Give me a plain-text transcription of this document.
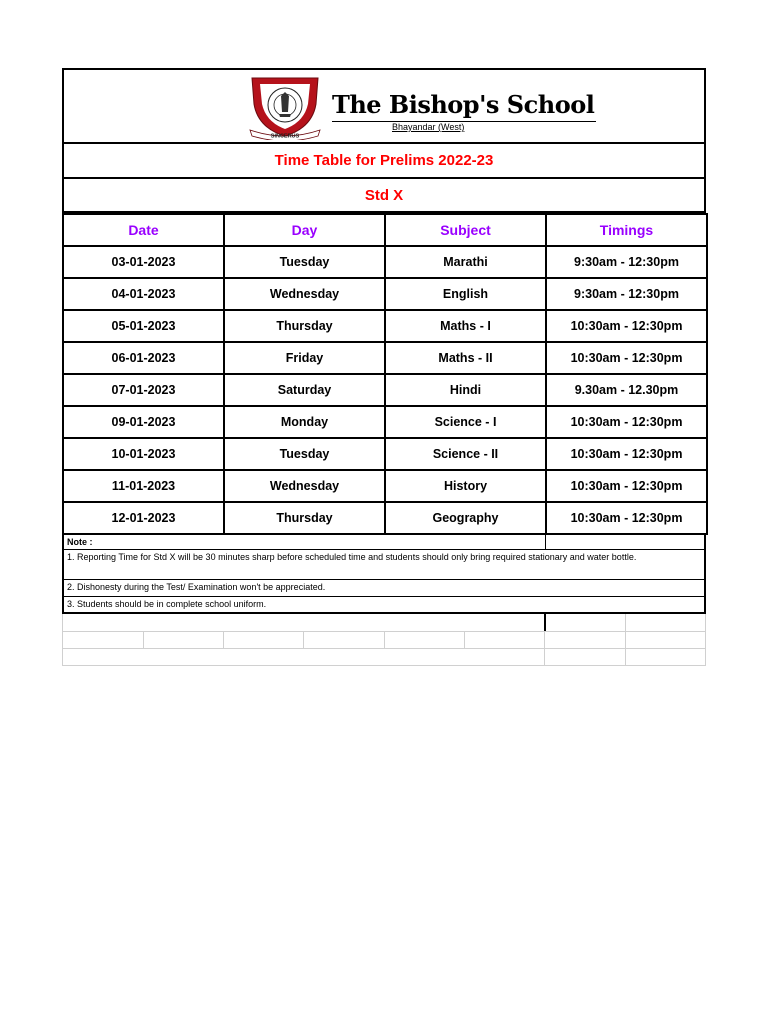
SINCERUS
The Bishop's School
Bhayandar (West)
Time Table for Prelims 2022-23
Std X
Date	Day	Subject	Timings
03-01-2023	Tuesday	Marathi	9:30am - 12:30pm
04-01-2023	Wednesday	English	9:30am - 12:30pm
05-01-2023	Thursday	Maths - I	10:30am - 12:30pm
06-01-2023	Friday	Maths - II	10:30am - 12:30pm
07-01-2023	Saturday	Hindi	9.30am - 12.30pm
09-01-2023	Monday	Science - I	10:30am - 12:30pm
10-01-2023	Tuesday	Science - II	10:30am - 12:30pm
11-01-2023	Wednesday	History	10:30am - 12:30pm
12-01-2023	Thursday	Geography	10:30am - 12:30pm
Note :
1. Reporting Time for Std X will be 30 minutes sharp before scheduled time and students should only bring required stationary and water bottle.
2. Dishonesty during the Test/ Examination won't be appreciated.
3. Students should be in complete school uniform.
